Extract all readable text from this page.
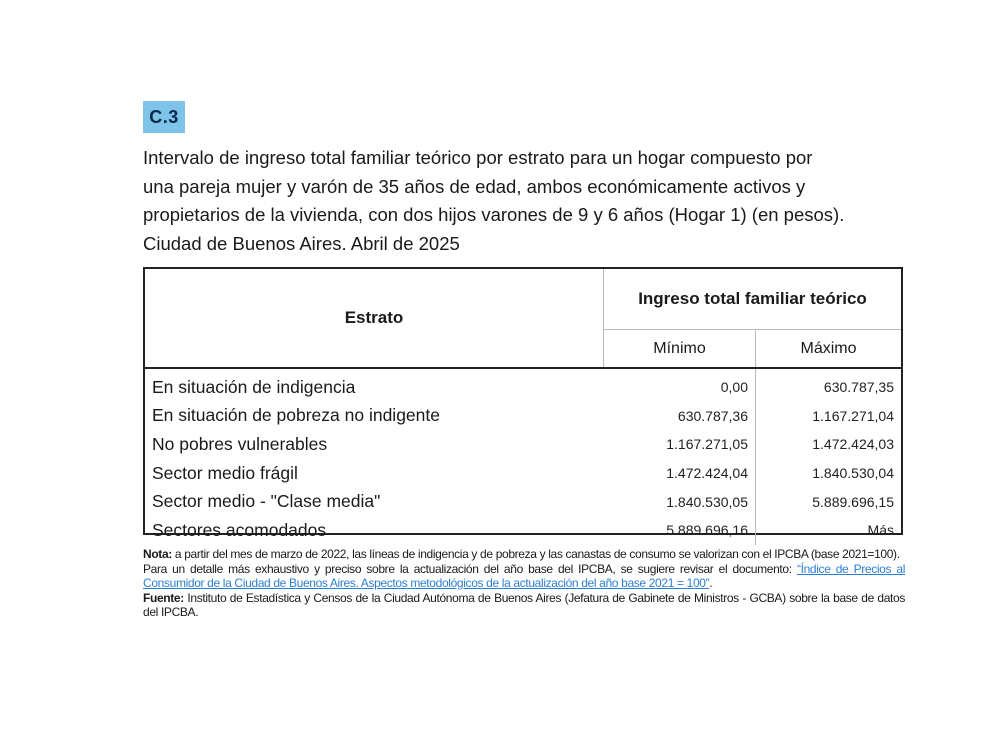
C.3
Intervalo de ingreso total familiar teórico por estrato para un hogar compuesto por
una pareja mujer y varón de 35 años de edad, ambos económicamente activos y
propietarios de la vivienda, con dos hijos varones de 9 y 6 años (Hogar 1) (en pesos).
Ciudad de Buenos Aires. Abril de 2025
Estrato	Ingreso total familiar teórico	
	Mínimo	Máximo
En situación de indigencia	0,00	630.787,35
En situación de pobreza no indigente	630.787,36	1.167.271,04
No pobres vulnerables	1.167.271,05	1.472.424,03
Sector medio frágil	1.472.424,04	1.840.530,04
Sector medio - "Clase media"	1.840.530,05	5.889.696,15
Sectores acomodados	5.889.696,16	Más

Nota: a partir del mes de marzo de 2022, las líneas de indigencia y de pobreza y las canastas de consumo se valorizan con el IPCBA (base 2021=100).

Para un detalle más exhaustivo y preciso sobre la actualización del año base del IPCBA, se sugiere revisar el documento: “Índice de Precios al Consumidor de la Ciudad de Buenos Aires. Aspectos metodológicos de la actualización del año base 2021 = 100”.

Fuente: Instituto de Estadística y Censos de la Ciudad Autónoma de Buenos Aires (Jefatura de Gabinete de Ministros - GCBA) sobre la base de datos del IPCBA.
